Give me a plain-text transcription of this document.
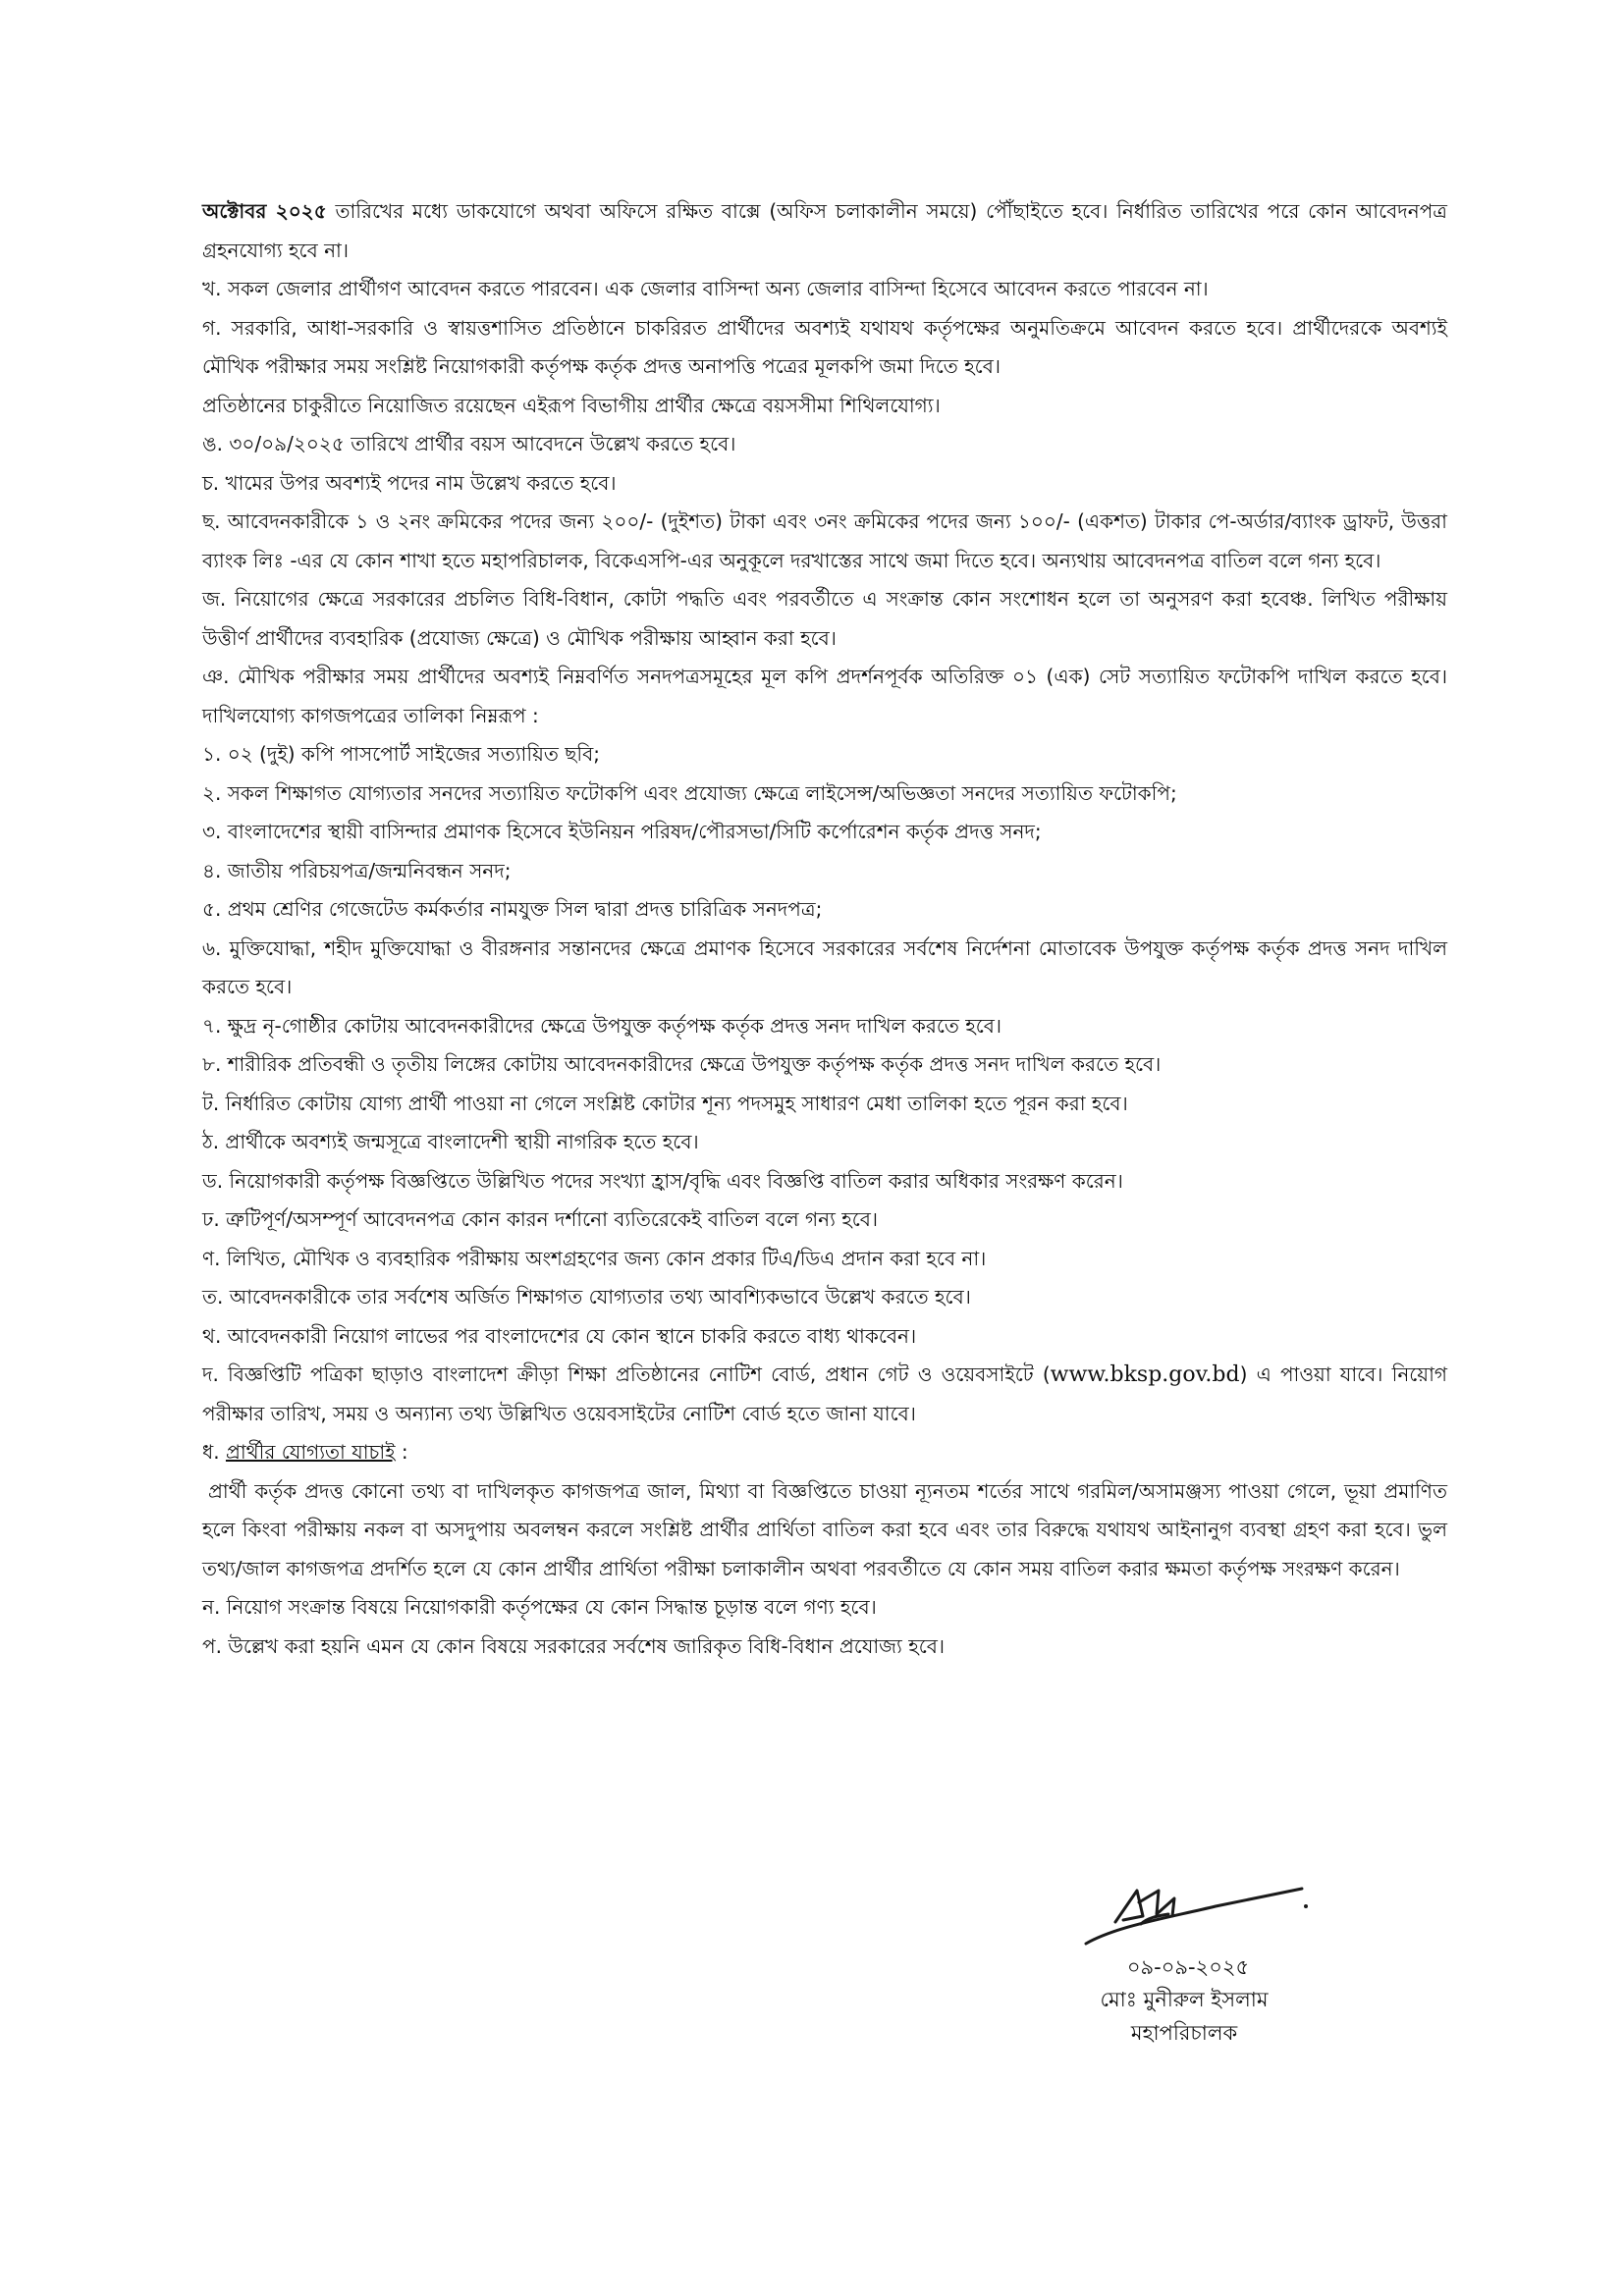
অক্টোবর ২০২৫ তারিখের মধ্যে ডাকযোগে অথবা অফিসে রক্ষিত বাক্সে (অফিস চলাকালীন সময়ে) পৌঁছাইতে হবে। নির্ধারিত তারিখের পরে কোন আবেদনপত্র গ্রহনযোগ্য হবে না।

খ. সকল জেলার প্রার্থীগণ আবেদন করতে পারবেন। এক জেলার বাসিন্দা অন্য জেলার বাসিন্দা হিসেবে আবেদন করতে পারবেন না।

গ. সরকারি, আধা-সরকারি ও স্বায়ত্তশাসিত প্রতিষ্ঠানে চাকরিরত প্রার্থীদের অবশ্যই যথাযথ কর্তৃপক্ষের অনুমতিক্রমে আবেদন করতে হবে। প্রার্থীদেরকে অবশ্যই মৌখিক পরীক্ষার সময় সংশ্লিষ্ট নিয়োগকারী কর্তৃপক্ষ কর্তৃক প্রদত্ত অনাপত্তি পত্রের মূলকপি জমা দিতে হবে।

প্রতিষ্ঠানের চাকুরীতে নিয়োজিত রয়েছেন এইরূপ বিভাগীয় প্রার্থীর ক্ষেত্রে বয়সসীমা শিথিলযোগ্য।

ঙ. ৩০/০৯/২০২৫ তারিখে প্রার্থীর বয়স আবেদনে উল্লেখ করতে হবে।

চ. খামের উপর অবশ্যই পদের নাম উল্লেখ করতে হবে।

ছ. আবেদনকারীকে ১ ও ২নং ক্রমিকের পদের জন্য ২০০/- (দুইশত) টাকা এবং ৩নং ক্রমিকের পদের জন্য ১০০/- (একশত) টাকার পে-অর্ডার/ব্যাংক ড্রাফট, উত্তরা ব্যাংক লিঃ -এর যে কোন শাখা হতে মহাপরিচালক, বিকেএসপি-এর অনুকূলে দরখাস্তের সাথে জমা দিতে হবে। অন্যথায় আবেদনপত্র বাতিল বলে গন্য হবে।

জ. নিয়োগের ক্ষেত্রে সরকারের প্রচলিত বিধি-বিধান, কোটা পদ্ধতি এবং পরবর্তীতে এ সংক্রান্ত কোন সংশোধন হলে তা অনুসরণ করা হবেঞ্চ. লিখিত পরীক্ষায় উত্তীর্ণ প্রার্থীদের ব্যবহারিক (প্রযোজ্য ক্ষেত্রে) ও মৌখিক পরীক্ষায় আহ্বান করা হবে।

ঞ. মৌখিক পরীক্ষার সময় প্রার্থীদের অবশ্যই নিম্নবর্ণিত সনদপত্রসমূহের মূল কপি প্রদর্শনপূর্বক অতিরিক্ত ০১ (এক) সেট সত্যায়িত ফটোকপি দাখিল করতে হবে। দাখিলযোগ্য কাগজপত্রের তালিকা নিম্নরূপ :

১. ০২ (দুই) কপি পাসপোর্ট সাইজের সত্যায়িত ছবি;

২. সকল শিক্ষাগত যোগ্যতার সনদের সত্যায়িত ফটোকপি এবং প্রযোজ্য ক্ষেত্রে লাইসেন্স/অভিজ্ঞতা সনদের সত্যায়িত ফটোকপি;

৩. বাংলাদেশের স্থায়ী বাসিন্দার প্রমাণক হিসেবে ইউনিয়ন পরিষদ/পৌরসভা/সিটি কর্পোরেশন কর্তৃক প্রদত্ত সনদ;

৪. জাতীয় পরিচয়পত্র/জন্মনিবন্ধন সনদ;

৫. প্রথম শ্রেণির গেজেটেড কর্মকর্তার নামযুক্ত সিল দ্বারা প্রদত্ত চারিত্রিক সনদপত্র;

৬. মুক্তিযোদ্ধা, শহীদ মুক্তিযোদ্ধা ও বীরঙ্গনার সন্তানদের ক্ষেত্রে প্রমাণক হিসেবে সরকারের সর্বশেষ নির্দেশনা মোতাবেক উপযুক্ত কর্তৃপক্ষ কর্তৃক প্রদত্ত সনদ দাখিল করতে হবে।

৭. ক্ষুদ্র নৃ-গোষ্ঠীর কোটায় আবেদনকারীদের ক্ষেত্রে উপযুক্ত কর্তৃপক্ষ কর্তৃক প্রদত্ত সনদ দাখিল করতে হবে।

৮. শারীরিক প্রতিবন্ধী ও তৃতীয় লিঙ্গের কোটায় আবেদনকারীদের ক্ষেত্রে উপযুক্ত কর্তৃপক্ষ কর্তৃক প্রদত্ত সনদ দাখিল করতে হবে।

ট. নির্ধারিত কোটায় যোগ্য প্রার্থী পাওয়া না গেলে সংশ্লিষ্ট কোটার শূন্য পদসমুহ সাধারণ মেধা তালিকা হতে পূরন করা হবে।

ঠ. প্রার্থীকে অবশ্যই জন্মসূত্রে বাংলাদেশী স্থায়ী নাগরিক হতে হবে।

ড. নিয়োগকারী কর্তৃপক্ষ বিজ্ঞপ্তিতে উল্লিখিত পদের সংখ্যা হ্রাস/বৃদ্ধি এবং বিজ্ঞপ্তি বাতিল করার অধিকার সংরক্ষণ করেন।

ঢ. ত্রুটিপূর্ণ/অসম্পূর্ণ আবেদনপত্র কোন কারন দর্শানো ব্যতিরেকেই বাতিল বলে গন্য হবে।

ণ. লিখিত, মৌখিক ও ব্যবহারিক পরীক্ষায় অংশগ্রহণের জন্য কোন প্রকার টিএ/ডিএ প্রদান করা হবে না।

ত. আবেদনকারীকে তার সর্বশেষ অর্জিত শিক্ষাগত যোগ্যতার তথ্য আবশ্যিকভাবে উল্লেখ করতে হবে।

থ. আবেদনকারী নিয়োগ লাভের পর বাংলাদেশের যে কোন স্থানে চাকরি করতে বাধ্য থাকবেন।

দ. বিজ্ঞপ্তিটি পত্রিকা ছাড়াও বাংলাদেশ ক্রীড়া শিক্ষা প্রতিষ্ঠানের নোটিশ বোর্ড, প্রধান গেট ও ওয়েবসাইটে (www.bksp.gov.bd) এ পাওয়া যাবে। নিয়োগ পরীক্ষার তারিখ, সময় ও অন্যান্য তথ্য উল্লিখিত ওয়েবসাইটের নোটিশ বোর্ড হতে জানা যাবে।

ধ. প্রার্থীর যোগ্যতা যাচাই :

প্রার্থী কর্তৃক প্রদত্ত কোনো তথ্য বা দাখিলকৃত কাগজপত্র জাল, মিথ্যা বা বিজ্ঞপ্তিতে চাওয়া ন্যূনতম শর্তের সাথে গরমিল/অসামঞ্জস্য পাওয়া গেলে, ভূয়া প্রমাণিত হলে কিংবা পরীক্ষায় নকল বা অসদুপায় অবলম্বন করলে সংশ্লিষ্ট প্রার্থীর প্রার্থিতা বাতিল করা হবে এবং তার বিরুদ্ধে যথাযথ আইনানুগ ব্যবস্থা গ্রহণ করা হবে। ভুল তথ্য/জাল কাগজপত্র প্রদর্শিত হলে যে কোন প্রার্থীর প্রার্থিতা পরীক্ষা চলাকালীন অথবা পরবর্তীতে যে কোন সময় বাতিল করার ক্ষমতা কর্তৃপক্ষ সংরক্ষণ করেন।

ন. নিয়োগ সংক্রান্ত বিষয়ে নিয়োগকারী কর্তৃপক্ষের যে কোন সিদ্ধান্ত চূড়ান্ত বলে গণ্য হবে।

প. উল্লেখ করা হয়নি এমন যে কোন বিষয়ে সরকারের সর্বশেষ জারিকৃত বিধি-বিধান প্রযোজ্য হবে।

০৯-০৯-২০২৫

মোঃ মুনীরুল ইসলাম

মহাপরিচালক
